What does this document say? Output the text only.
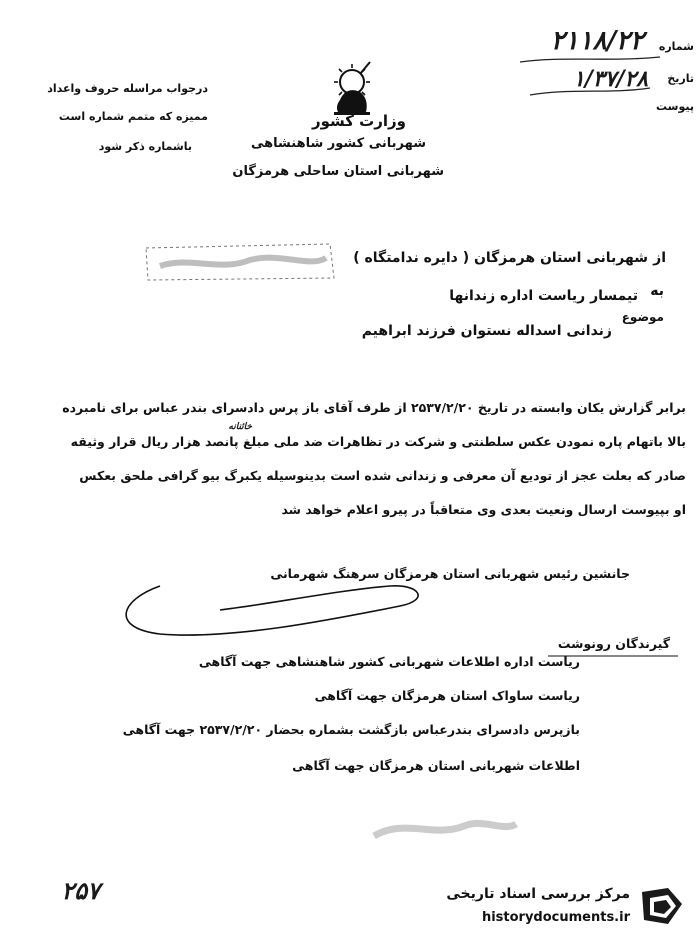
شماره
تاریخ
پیوست
۲۱۱۸/۲۲
۱/۳۷/۲۸
درجواب مراسله حروف واعداد
ممیزه که متمم شماره است
باشماره ذکر شود
وزارت کشور
شهربانی کشور شاهنشاهی
شهربانی استان ساحلی هرمزگان
از
شهربانی استان هرمزگان ( دایره ندامتگاه )
به
تیمسار ریاست اداره زندانها
موضوع
زندانی اسداله نستوان فرزند ابراهیم
برابر گزارش یکان وابسته در تاریخ ۲۵۳۷/۲/۲۰ از طرف آقای باز پرس دادسرای بندر عباس برای نامبرده
خائنانه
بالا باتهام پاره نمودن عکس سلطنتی و شرکت در تظاهرات ضد ملی مبلغ پانصد هزار ریال قرار وثیقه
صادر که بعلت عجز از تودیع آن معرفی و زندانی شده است بدینوسیله یکبرگ بیو گرافی ملحق بعکس
او بپیوست ارسال ونعیت بعدی وی متعاقباً در پیرو اعلام خواهد شد
جانشین رئیس شهربانی استان هرمزگان سرهنگ شهرمانی
گیرندگان رونوشت
ریاست اداره اطلاعات شهربانی کشور شاهنشاهی جهت آگاهی
ریاست ساواک استان هرمزگان جهت آگاهی
بازپرس دادسرای بندرعباس بازگشت بشماره بحضار ۲۵۳۷/۲/۲۰ جهت آگاهی
اطلاعات شهربانی استان هرمزگان جهت آگاهی
۲۵۷	مرکز بررسی اسناد تاریخی
historydocuments.ir
